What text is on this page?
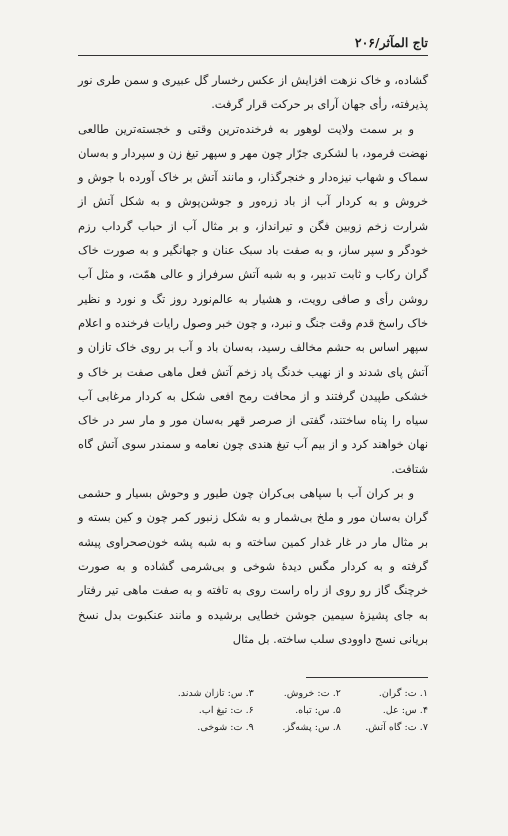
تاج المآثر/۲۰۶

گشاده، و خاک نزهت افزایش از عکس رخسار گل عبیری و سمن طری نور پذیرفته، رأی جهان آرای بر حرکت قرار گرفت.

و بر سمت ولایت لوهور به فرخنده‌ترین وقتی و خجسته‌ترین طالعی نهضت فرمود، با لشکری جرّار چون مهر و سپهر تیغ زن و سپردار و به‌سان سماک و شهاب نیزه‌دار و خنجرگذار، و مانند آتش بر خاک آورده با جوش و خروش و به کردار آب از باد زره‌ور و جوشن‌پوش و به شکل آتش از شرارت زخم زوبین فگن و تیرانداز، و بر مثال آب از حباب گرداب رزم خودگر و سپر ساز، و به صفت باد سبک عنان و جهانگیر و به صورت خاک گران رکاب و ثابت تدبیر، و به شبه آتش سرفراز و عالی همّت، و مثل آب روشن رأی و صافی رویت، و هشیار به عالم‌نورد روز تگ و نورد و نظیر خاک راسخ قدم وقت جنگ و نبرد، و چون خبر وصول رایات فرخنده و اعلام سپهر اساس به حشم مخالف رسید، به‌سان باد و آب بر روی خاک تازان و آتش پای شدند و از نهیب خدنگ پاد زخم آتش فعل ماهی صفت بر خاک و خشکی طپیدن گرفتند و از محافت رمح افعی شکل به کردار مرغابی آب سیاه را پناه ساختند، گفتی از صرصر قهر به‌سان مور و مار سر در خاک نهان خواهند کرد و از بیم آب تیغ هندی چون نعامه و سمندر سوی آتش گاه شتافت.

و بر کران آب با سپاهی بی‌کران چون طیور و وحوش بسیار و حشمی گران به‌سان مور و ملخ بی‌شمار و به شکل زنبور کمر چون و کین بسته و بر مثال مار در غار غدار کمین ساخته و به شبه پشه خون‌صحراوی پیشه گرفته و به کردار مگس دیدهٔ شوخی و بی‌شرمی گشاده و به صورت خرچنگ گاز رو روی از راه راست روی به تافته و به صفت ماهی تیر رفتار به جای پشیزهٔ سیمین جوشن خطایی برشیده و مانند عنکبوت بدل نسخ بریانی نسج داوودی سلب ساخته. بل مثال

۱. ت: گران.
۲. ت: خروش.
۳. س: تازان شدند.
۴. س: عل.
۵. س: تباه.
۶. ت: تیغ اب.
۷. ت: گاه آتش.
۸. س: پشه‌گز.
۹. ت: شوخی.
